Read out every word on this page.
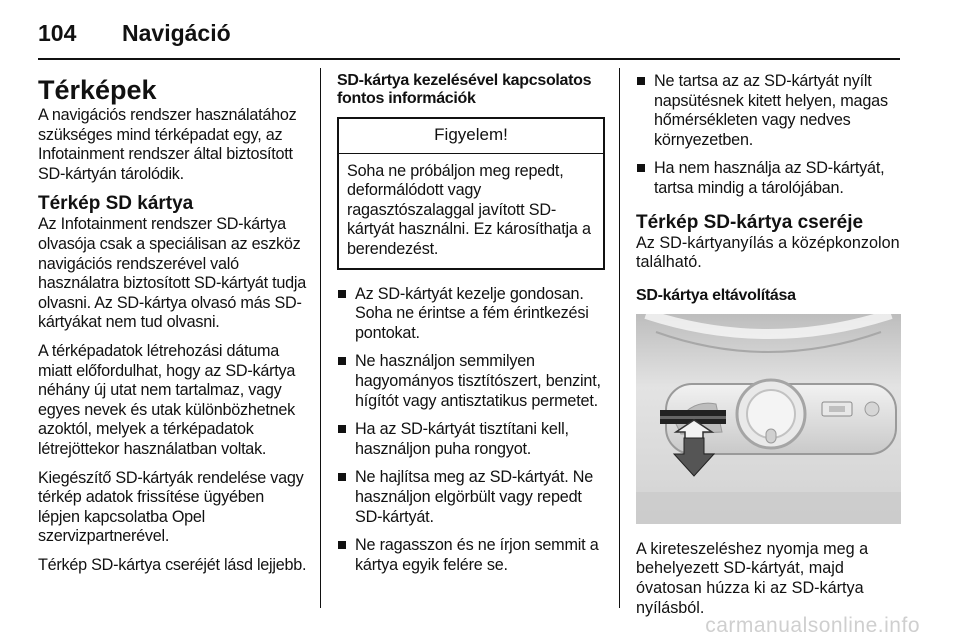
104 Navigáció
Térképek

A navigációs rendszer használatához szükséges mind térképadat egy, az Infotainment rendszer által biztosított SD-kártyán tárolódik.

Térkép SD kártya

Az Infotainment rendszer SD-kártya olvasója csak a speciálisan az eszköz navigációs rendszerével való használatra biztosított SD-kártyát tudja olvasni. Az SD-kártya olvasó más SD-kártyákat nem tud olvasni.

A térképadatok létrehozási dátuma miatt előfordulhat, hogy az SD-kártya néhány új utat nem tartalmaz, vagy egyes nevek és utak különbözhetnek azoktól, melyek a térképadatok létrejöttekor használatban voltak.

Kiegészítő SD-kártyák rendelése vagy térkép adatok frissítése ügyében lépjen kapcsolatba Opel szervizpartnerével.

Térkép SD-kártya cseréjét lásd lejjebb.

SD-kártya kezelésével kapcsolatos fontos információk
Figyelem!
Soha ne próbáljon meg repedt, deformálódott vagy ragasztószalaggal javított SD-kártyát használni. Ez károsíthatja a berendezést.
Az SD-kártyát kezelje gondosan. Soha ne érintse a fém érintkezési pontokat.
Ne használjon semmilyen hagyományos tisztítószert, benzint, hígítót vagy antisztatikus permetet.
Ha az SD-kártyát tisztítani kell, használjon puha rongyot.
Ne hajlítsa meg az SD-kártyát. Ne használjon elgörbült vagy repedt SD-kártyát.
Ne ragasszon és ne írjon semmit a kártya egyik felére se.
Ne tartsa az az SD-kártyát nyílt napsütésnek kitett helyen, magas hőmérsékleten vagy nedves környezetben.
Ha nem használja az SD-kártyát, tartsa mindig a tárolójában.
Térkép SD-kártya cseréje

Az SD-kártyanyílás a középkonzolon található.

SD-kártya eltávolítása

A kireteszeléshez nyomja meg a behelyezett SD-kártyát, majd óvatosan húzza ki az SD-kártya nyílásból.

carmanualsonline.info
